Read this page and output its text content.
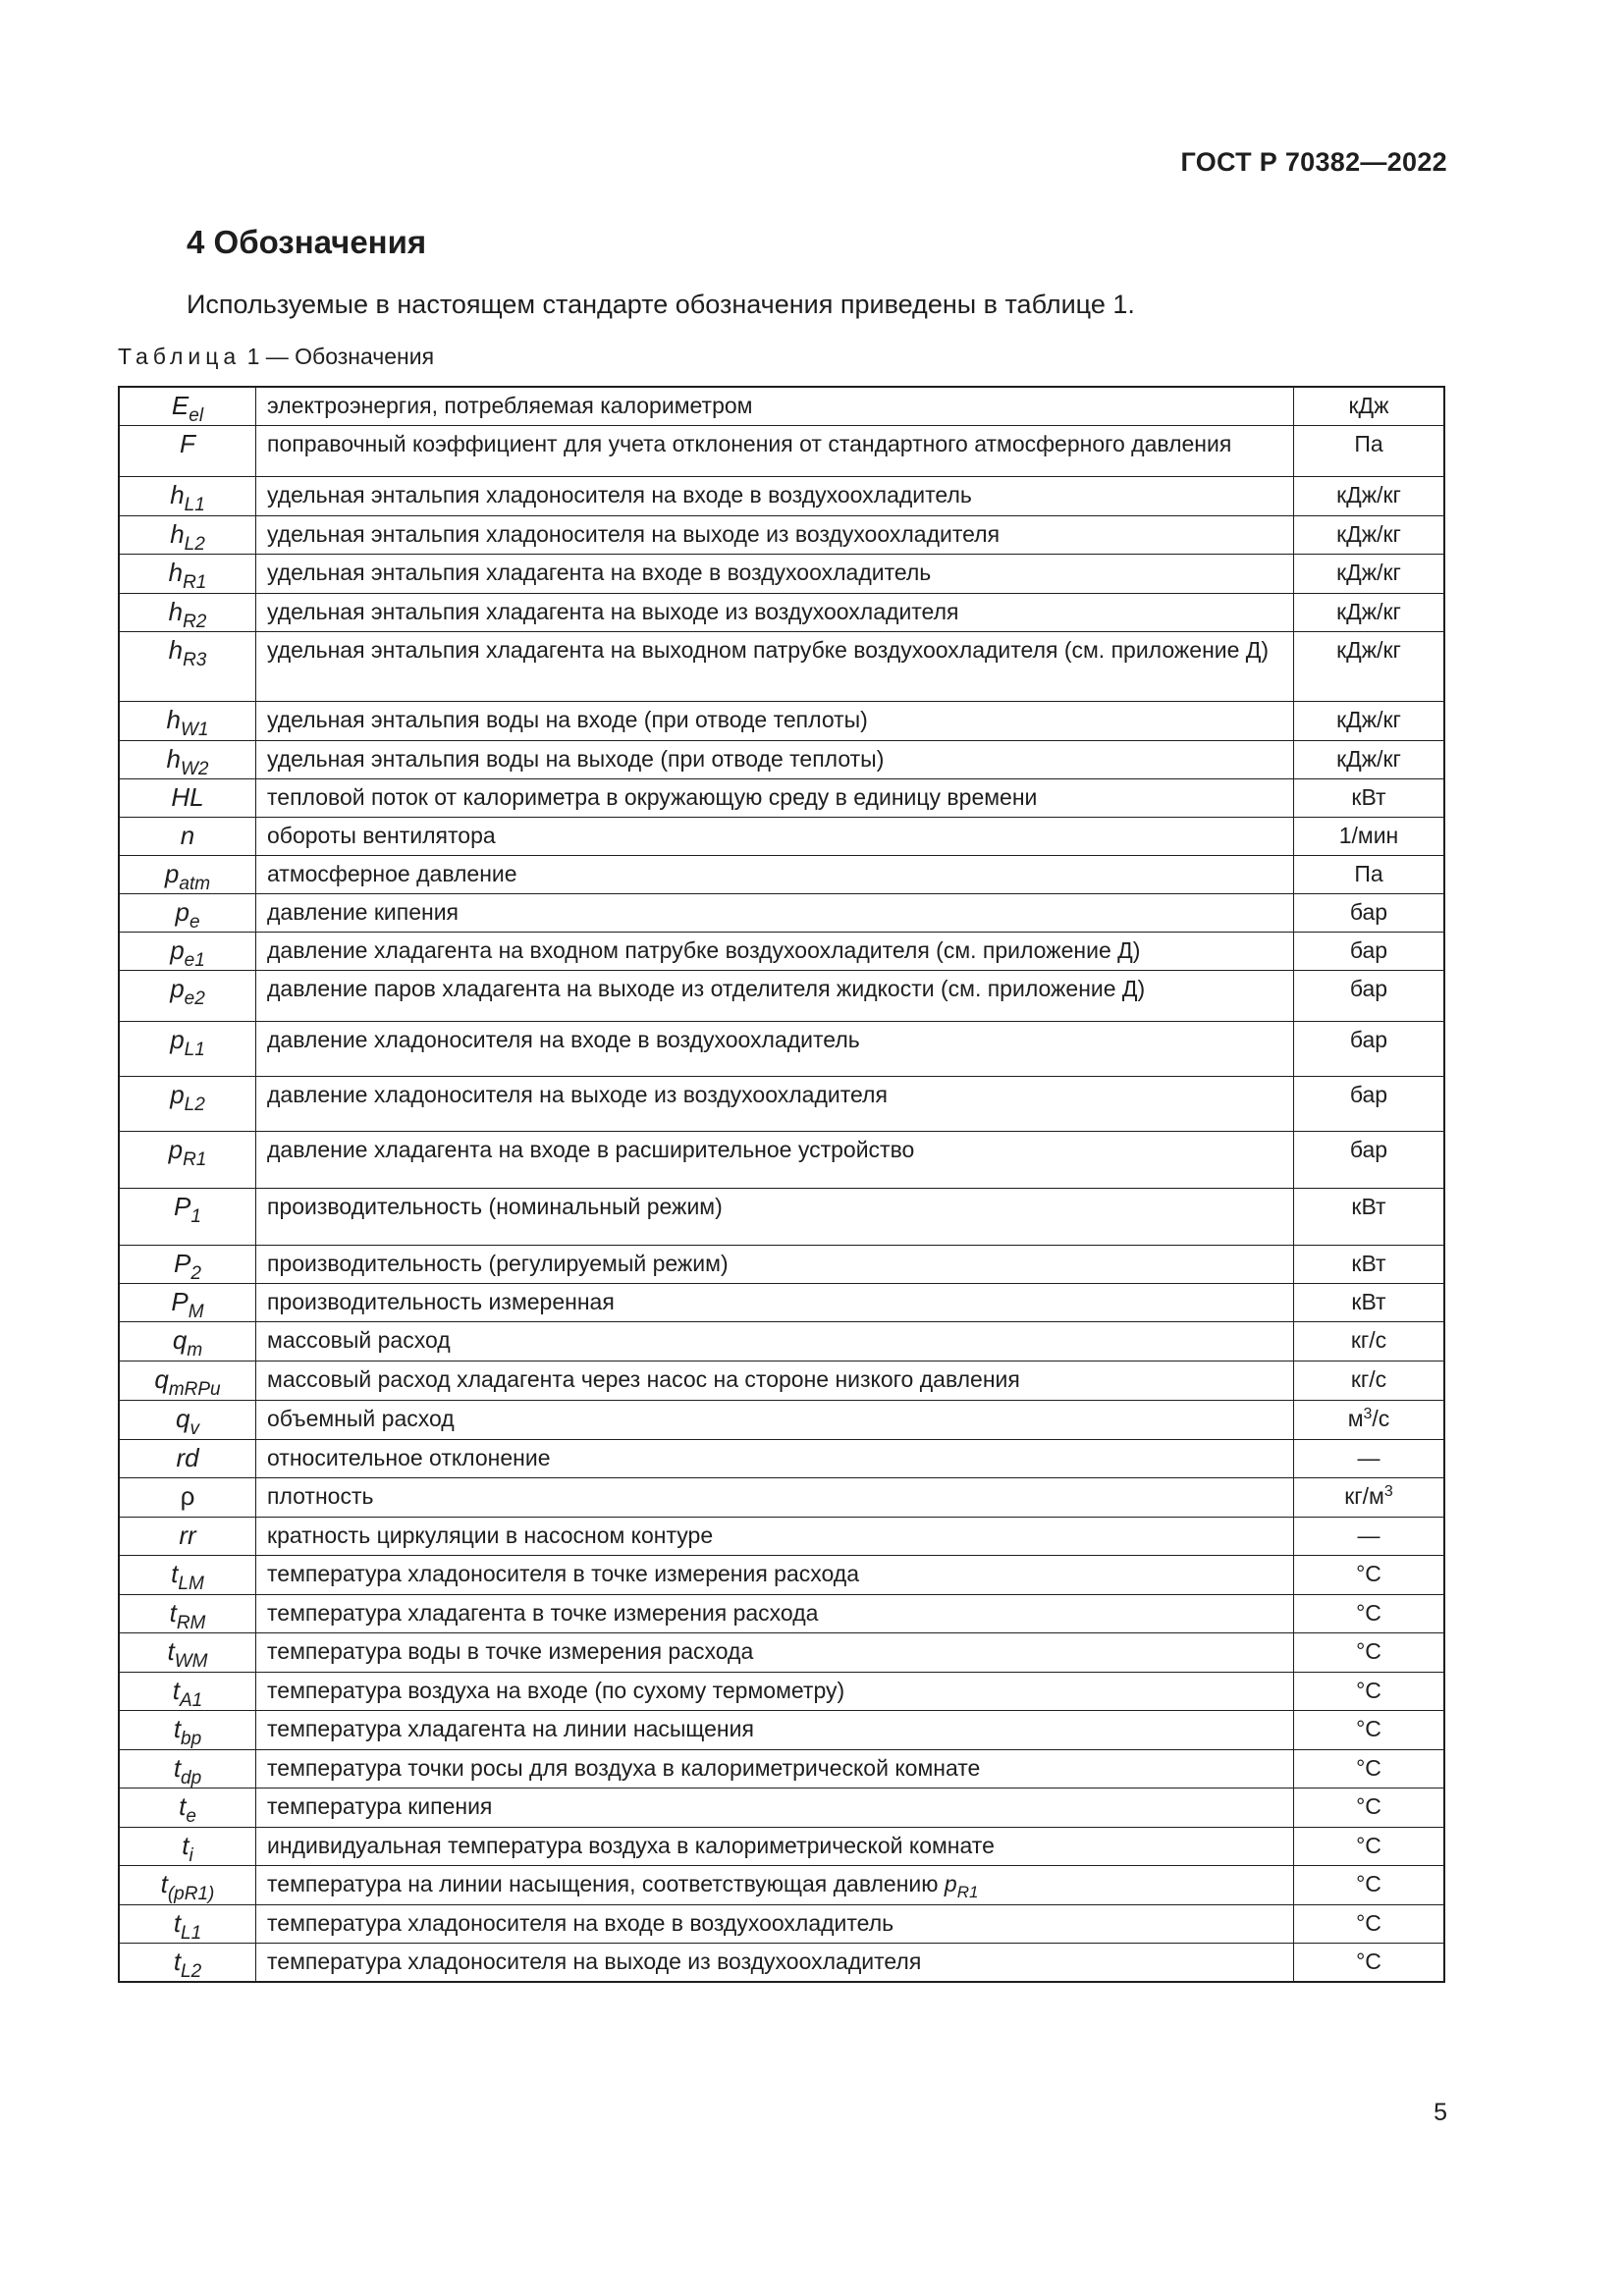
ГОСТ Р 70382—2022
4 Обозначения

Используемые в настоящем стандарте обозначения приведены в таблице 1.

Таблица 1 — Обозначения

$E_{el}$	электроэнергия, потребляемая калориметром	кДж
F	поправочный коэффициент для учета отклонения от стандартного атмосферного давления	Па
$h_{L1}$	удельная энтальпия хладоносителя на входе в воздухоохладитель	кДж/кг
$h_{L2}$	удельная энтальпия хладоносителя на выходе из воздухоохладителя	кДж/кг
$h_{R1}$	удельная энтальпия хладагента на входе в воздухоохладитель	кДж/кг
$h_{R2}$	удельная энтальпия хладагента на выходе из воздухоохладителя	кДж/кг
$h_{R3}$	удельная энтальпия хладагента на выходном патрубке воздухоохладителя (см. приложение Д)	кДж/кг
$h_{W1}$	удельная энтальпия воды на входе (при отводе теплоты)	кДж/кг
$h_{W2}$	удельная энтальпия воды на выходе (при отводе теплоты)	кДж/кг
HL	тепловой поток от калориметра в окружающую среду в единицу времени	кВт
n	обороты вентилятора	1/мин
$p_{atm}$	атмосферное давление	Па
$p_e$	давление кипения	бар
$p_{e1}$	давление хладагента на входном патрубке воздухоохладителя (см. приложение Д)	бар
$p_{e2}$	давление паров хладагента на выходе из отделителя жидкости (см. приложение Д)	бар
$p_{L1}$	давление хладоносителя на входе в воздухоохладитель	бар
$p_{L2}$	давление хладоносителя на выходе из воздухоохладителя	бар
$p_{R1}$	давление хладагента на входе в расширительное устройство	бар
$P_1$	производительность (номинальный режим)	кВт
$P_2$	производительность (регулируемый режим)	кВт
$P_M$	производительность измеренная	кВт
$q_m$	массовый расход	кг/с
$q_{mRPu}$	массовый расход хладагента через насос на стороне низкого давления	кг/с
$q_v$	объемный расход	$м^3/с$
rd	относительное отклонение	—
ρ	плотность	$кг/м^3$
rr	кратность циркуляции в насосном контуре	—
$t_{LM}$	температура хладоносителя в точке измерения расхода	°С
$t_{RM}$	температура хладагента в точке измерения расхода	°С
$t_{WM}$	температура воды в точке измерения расхода	°С
$t_{A1}$	температура воздуха на входе (по сухому термометру)	°С
$t_{bp}$	температура хладагента на линии насыщения	°С
$t_{dp}$	температура точки росы для воздуха в калориметрической комнате	°С
$t_e$	температура кипения	°С
$t_i$	индивидуальная температура воздуха в калориметрической комнате	°С
$t_{(pR1)}$	температура на линии насыщения, соответствующая давлению $p_{R1}$	°С
$t_{L1}$	температура хладоносителя на входе в воздухоохладитель	°С
$t_{L2}$	температура хладоносителя на выходе из воздухоохладителя	°С
5
